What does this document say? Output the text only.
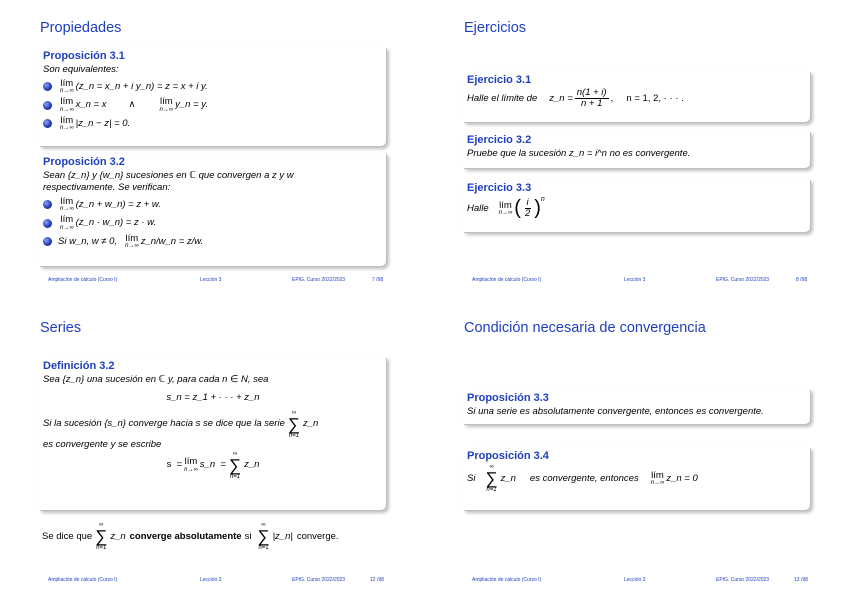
Propiedades
Proposición 3.1
Son equivalentes:
lím
n→∞ (z_n = x_n + i y_n) = z = x + i y.
lím
n→∞ x_n = x ∧	lím
n→∞ y_n = y.
lím
n→∞ |z_n − z| = 0.
Proposición 3.2
Sean {z_n} y {w_n} sucesiones en ℂ que convergen a z y w
respectivamente. Se verifican:
lím
n→∞ (z_n + w_n) = z + w.
lím
n→∞ (z_n · w_n) = z · w.
Si w_n, w ≠ 0, lím
n→∞ z_n/w_n = z/w.
Ampliación de cálculo (Curso I)	Lección 3	EPIG. Curso 2022/2023	7 /98
Ejercicios
Ejercicio 3.1
Halle el límite de z_n = $\frac{n(1 + i)}{n + 1}$ ,     n = 1, 2, · · · .
Ejercicio 3.2
Pruebe que la sucesión z_n = i^n no es convergente.
Ejercicio 3.3
Halle lím
n→∞ ( $\frac{i}{2} )^n$
Ampliación de cálculo (Curso I)	Lección 3	EPIG. Curso 2022/2023	8 /98
Series
Definición 3.2
Sea {z_n} una sucesión en ℂ y, para cada n ∈ N, sea
s_n = z_1 + · · · + z_n
Si la sucesión {s_n} converge hacia s se dice que la serie
∞
∑
n=1
z_n
es convergente y se escribe
s  = lím
n→∞ s_n  =
∞
∑
n=1
z_n
Se dice que
∞
∑
n=1
z_n converge absolutamente si
∞
∑
n=1
|z_n| converge.
Ampliación de cálculo (Curso I)	Lección 3	EPIG. Curso 2022/2023	12 /98
Condición necesaria de convergencia
Proposición 3.3
Si una serie es absolutamente convergente, entonces es convergente.
Proposición 3.4
Si
∞
∑
n=1
z_n es convergente, entonces lím
n→∞ z_n = 0
Ampliación de cálculo (Curso I)	Lección 3	EPIG. Curso 2022/2023	13 /98
